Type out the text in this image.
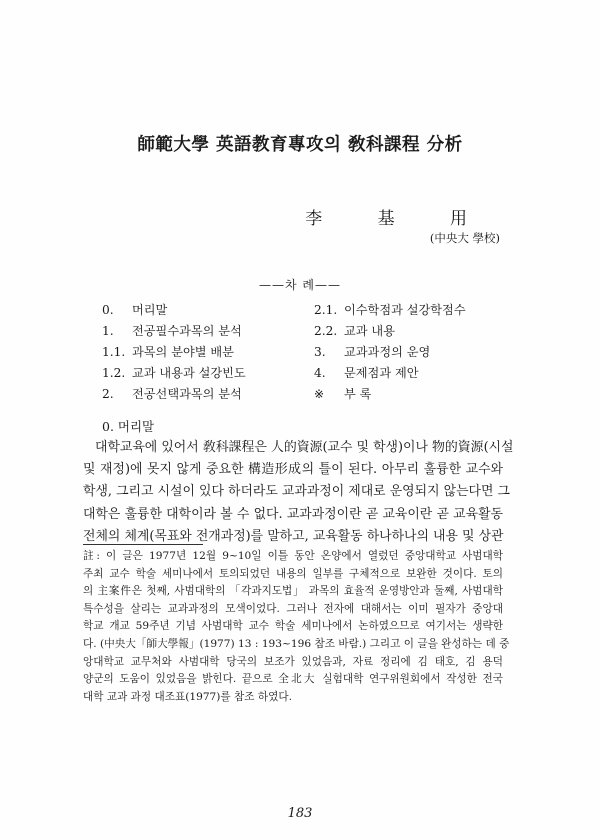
師範大學 英語教育專攻의 敎科課程 分析
李 基 用
(中央大 學校)
——차 례——
0. 머리말
1. 전공필수과목의 분석
1.1. 과목의 분야별 배분
1.2. 교과 내용과 설강빈도
2. 전공선택과목의 분석
2.1. 이수학점과 설강학점수
2.2. 교과 내용
3. 교과과정의 운영
4. 문제점과 제안
※ 부 록
0. 머리말
대학교육에 있어서 敎科課程은 人的資源(교수 및 학생)이나 物的資源(시설
및 재정)에 못지 않게 중요한 構造形成의 틀이 된다. 아무리 훌륭한 교수와
학생, 그리고 시설이 있다 하더라도 교과과정이 제대로 운영되지 않는다면 그
대학은 훌륭한 대학이라 볼 수 없다. 교과과정이란 곧 교육이란 곧 교육활동
전체의 체계(목표와 전개과정)를 말하고, 교육활동 하나하나의 내용 및 상관
註: 이 글은 1977년 12월 9~10일 이틀 동안 온양에서 열렸던 중앙대학교 사범대학
주최 교수 학술 세미나에서 토의되었던 내용의 일부를 구체적으로 보완한 것이다. 토의
의 主案件은 첫째, 사범대학의 「각과지도법」 과목의 효율적 운영방안과 둘째, 사범대학
특수성을 살리는 교과과정의 모색이었다. 그러나 전자에 대해서는 이미 필자가 중앙대
학교 개교 59주년 기념 사범대학 교수 학술 세미나에서 논하였으므로 여기서는 생략한
다. (中央大「師大學報」(1977) 13 : 193~196 참조 바람.) 그리고 이 글을 완성하는 데 중
앙대학교 교무처와 사범대학 당국의 보조가 있었음과, 자료 정리에 김 태호, 김 용덕
양군의 도움이 있었음을 밝힌다. 끝으로 全北大 실험대학 연구위원회에서 작성한 전국
대학 교과 과정 대조표(1977)를 참조 하였다.
183
